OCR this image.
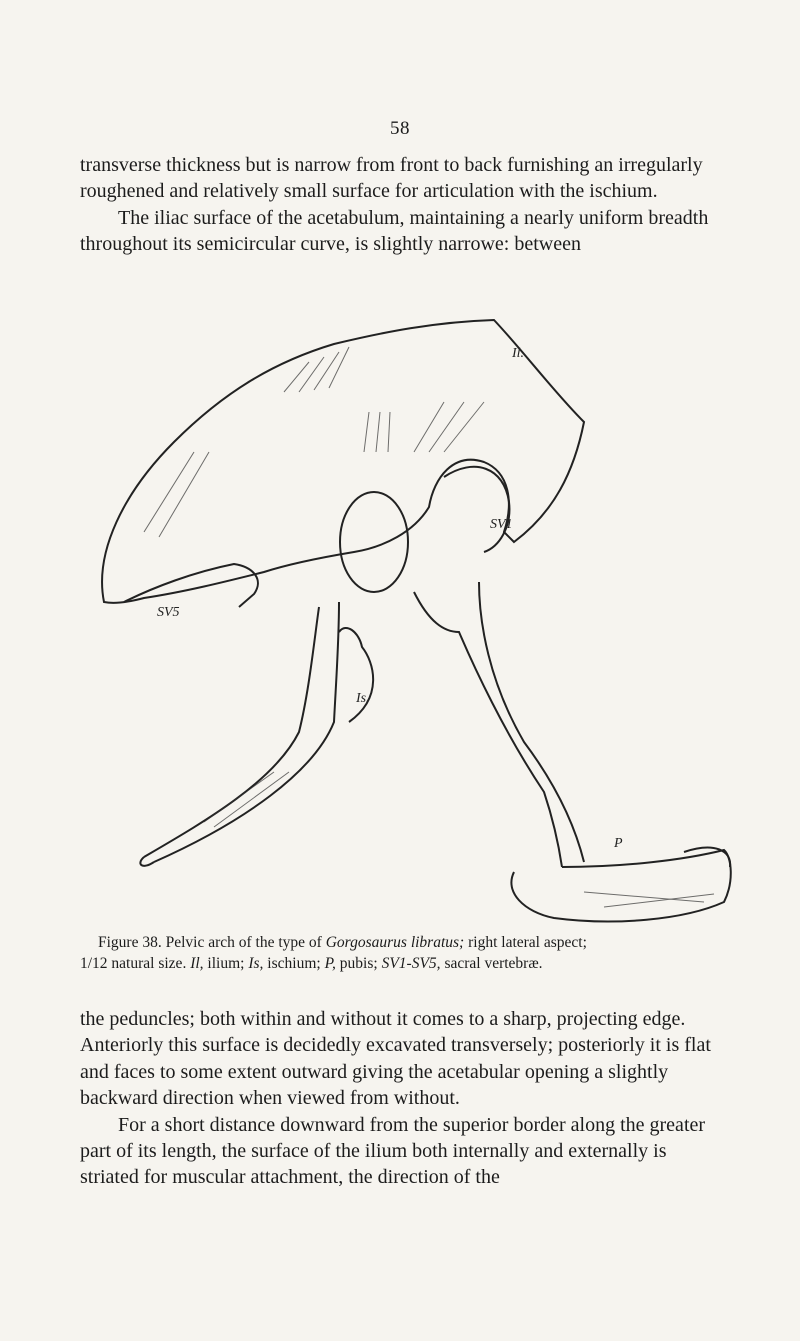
58

transverse thickness but is narrow from front to back furnishing an irregularly roughened and relatively small surface for articulation with the ischium.

The iliac surface of the acetabulum, maintaining a nearly uniform breadth throughout its semicircular curve, is slightly narrowe: between

Il.
SV1
SV5
Is.
P
Figure 38. Pelvic arch of the type of Gorgosaurus libratus; right lateral aspect;
1/12 natural size. Il, ilium; Is, ischium; P, pubis; SV1-SV5, sacral vertebræ.

the peduncles; both within and without it comes to a sharp, projecting edge. Anteriorly this surface is decidedly excavated transversely; posteriorly it is flat and faces to some extent outward giving the acetabular opening a slightly backward direction when viewed from without.

For a short distance downward from the superior border along the greater part of its length, the surface of the ilium both internally and externally is striated for muscular attachment, the direction of the
